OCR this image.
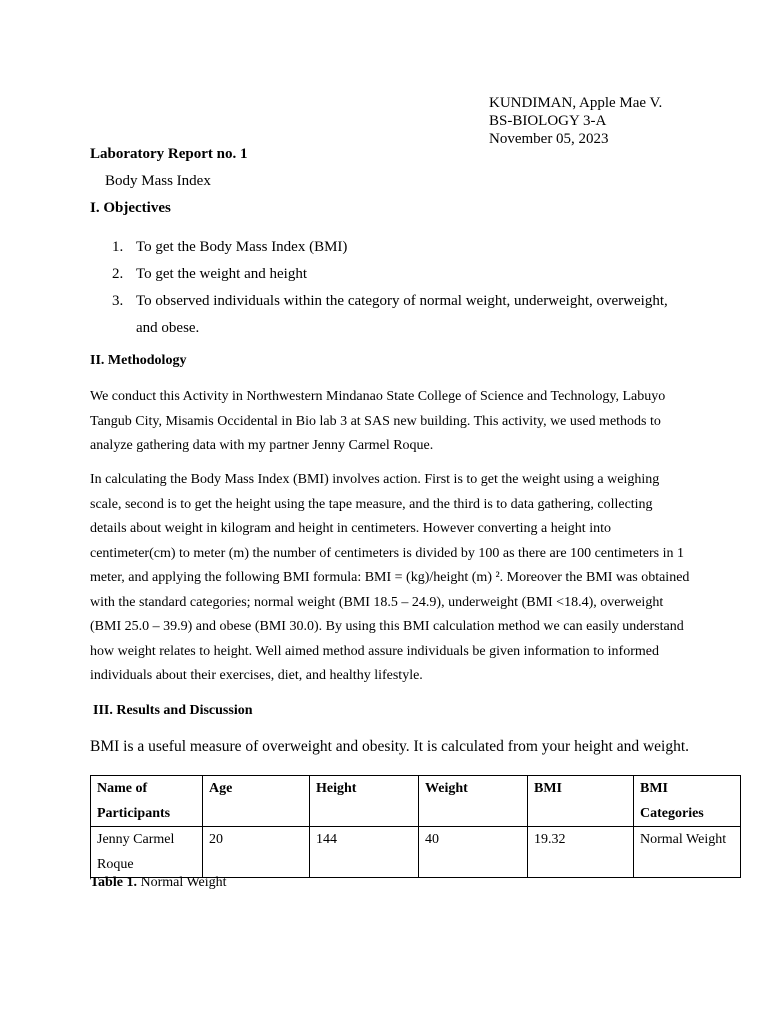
KUNDIMAN, Apple Mae V.
BS-BIOLOGY 3-A
November 05, 2023
Laboratory Report no. 1
Body Mass Index
I. Objectives
1. To get the Body Mass Index (BMI)
2. To get the weight and height
3. To observed individuals within the category of normal weight, underweight, overweight, and obese.
II. Methodology

We conduct this Activity in Northwestern Mindanao State College of Science and Technology, Labuyo Tangub City, Misamis Occidental in Bio lab 3 at SAS new building. This activity, we used methods to analyze gathering data with my partner Jenny Carmel Roque.

In calculating the Body Mass Index (BMI) involves action. First is to get the weight using a weighing scale, second is to get the height using the tape measure, and the third is to data gathering, collecting details about weight in kilogram and height in centimeters. However converting a height into centimeter(cm) to meter (m) the number of centimeters is divided by 100 as there are 100 centimeters in 1 meter, and applying the following BMI formula: BMI = (kg)/height (m) ². Moreover the BMI was obtained with the standard categories; normal weight (BMI 18.5 – 24.9), underweight (BMI <18.4), overweight (BMI 25.0 – 39.9) and obese (BMI 30.0). By using this BMI calculation method we can easily understand how weight relates to height. Well aimed method assure individuals be given information to informed individuals about their exercises, diet, and healthy lifestyle.

III. Results and Discussion
BMI is a useful measure of overweight and obesity. It is calculated from your height and weight.
Name of Participants	Age	Height	Weight	BMI	BMI Categories
Jenny Carmel Roque	20	144	40	19.32	Normal Weight
Table 1. Normal Weight
